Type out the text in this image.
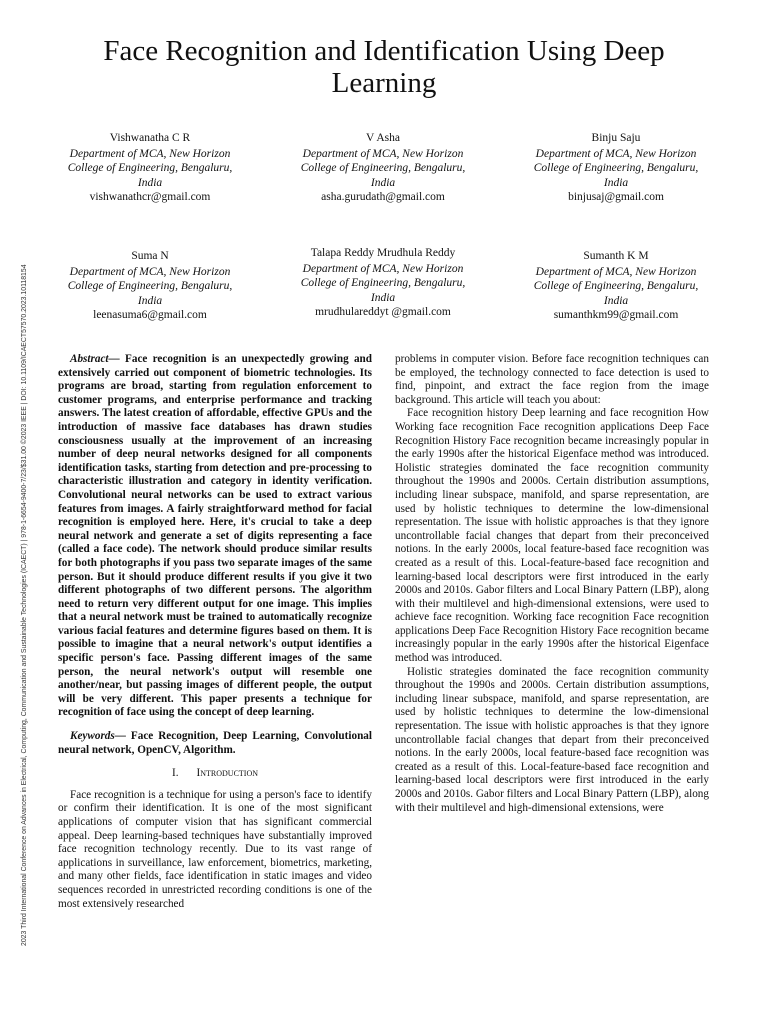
2023 Third International Conference on Advances in Electrical, Computing, Communication and Sustainable Technologies (ICAECT) | 978-1-6654-9400-7/23/$31.00 ©2023 IEEE | DOI: 10.1109/ICAECT57570.2023.10118154
Face Recognition and Identification Using Deep Learning
Vishwanatha C R
Department of MCA, New Horizon
College of Engineering, Bengaluru,
India
vishwanathcr@gmail.com
V Asha
Department of MCA, New Horizon
College of Engineering, Bengaluru,
India
asha.gurudath@gmail.com
Binju Saju
Department of MCA, New Horizon
College of Engineering, Bengaluru,
India
binjusaj@gmail.com
Suma N
Department of MCA, New Horizon
College of Engineering, Bengaluru,
India
leenasuma6@gmail.com
Talapa Reddy Mrudhula Reddy
Department of MCA, New Horizon
College of Engineering, Bengaluru,
India
mrudhulareddyt @gmail.com
Sumanth K M
Department of MCA, New Horizon
College of Engineering, Bengaluru,
India
sumanthkm99@gmail.com

Abstract— Face recognition is an unexpectedly growing and extensively carried out component of biometric technologies. Its programs are broad, starting from regulation enforcement to customer programs, and enterprise performance and tracking answers. The latest creation of affordable, effective GPUs and the introduction of massive face databases has drawn studies consciousness usually at the improvement of an increasing number of deep neural networks designed for all components identification tasks, starting from detection and pre-processing to characteristic illustration and category in identity verification. Convolutional neural networks can be used to extract various features from images. A fairly straightforward method for facial recognition is employed here. Here, it's crucial to take a deep neural network and generate a set of digits representing a face (called a face code). The network should produce similar results for both photographs if you pass two separate images of the same person. But it should produce different results if you give it two different photographs of two different persons. The algorithm need to return very different output for one image. This implies that a neural network must be trained to automatically recognize various facial features and determine figures based on them. It is possible to imagine that a neural network's output identifies a specific person's face. Passing different images of the same person, the neural network's output will resemble one another/near, but passing images of different people, the output will be very different. This paper presents a technique for recognition of face using the concept of deep learning.

Keywords— Face Recognition, Deep Learning, Convolutional neural network, OpenCV, Algorithm.

I. Introduction

Face recognition is a technique for using a person's face to identify or confirm their identification. It is one of the most significant applications of computer vision that has significant commercial appeal. Deep learning-based techniques have substantially improved face recognition technology recently. Due to its vast range of applications in surveillance, law enforcement, biometrics, marketing, and many other fields, face identification in static images and video sequences recorded in unrestricted recording conditions is one of the most extensively researched

problems in computer vision. Before face recognition techniques can be employed, the technology connected to face detection is used to find, pinpoint, and extract the face region from the image background. This article will teach you about:

Face recognition history Deep learning and face recognition How Working face recognition Face recognition applications Deep Face Recognition History Face recognition became increasingly popular in the early 1990s after the historical Eigenface method was introduced. Holistic strategies dominated the face recognition community throughout the 1990s and 2000s. Certain distribution assumptions, including linear subspace, manifold, and sparse representation, are used by holistic techniques to determine the low-dimensional representation. The issue with holistic approaches is that they ignore uncontrollable facial changes that depart from their preconceived notions. In the early 2000s, local feature-based face recognition was created as a result of this. Local-feature-based face recognition and learning-based local descriptors were first introduced in the early 2000s and 2010s. Gabor filters and Local Binary Pattern (LBP), along with their multilevel and high-dimensional extensions, were used to achieve face recognition. Working face recognition Face recognition applications Deep Face Recognition History Face recognition became increasingly popular in the early 1990s after the historical Eigenface method was introduced.

Holistic strategies dominated the face recognition community throughout the 1990s and 2000s. Certain distribution assumptions, including linear subspace, manifold, and sparse representation, are used by holistic techniques to determine the low-dimensional representation. The issue with holistic approaches is that they ignore uncontrollable facial changes that depart from their preconceived notions. In the early 2000s, local feature-based face recognition was created as a result of this. Local-feature-based face recognition and learning-based local descriptors were first introduced in the early 2000s and 2010s. Gabor filters and Local Binary Pattern (LBP), along with their multilevel and high-dimensional extensions, were
